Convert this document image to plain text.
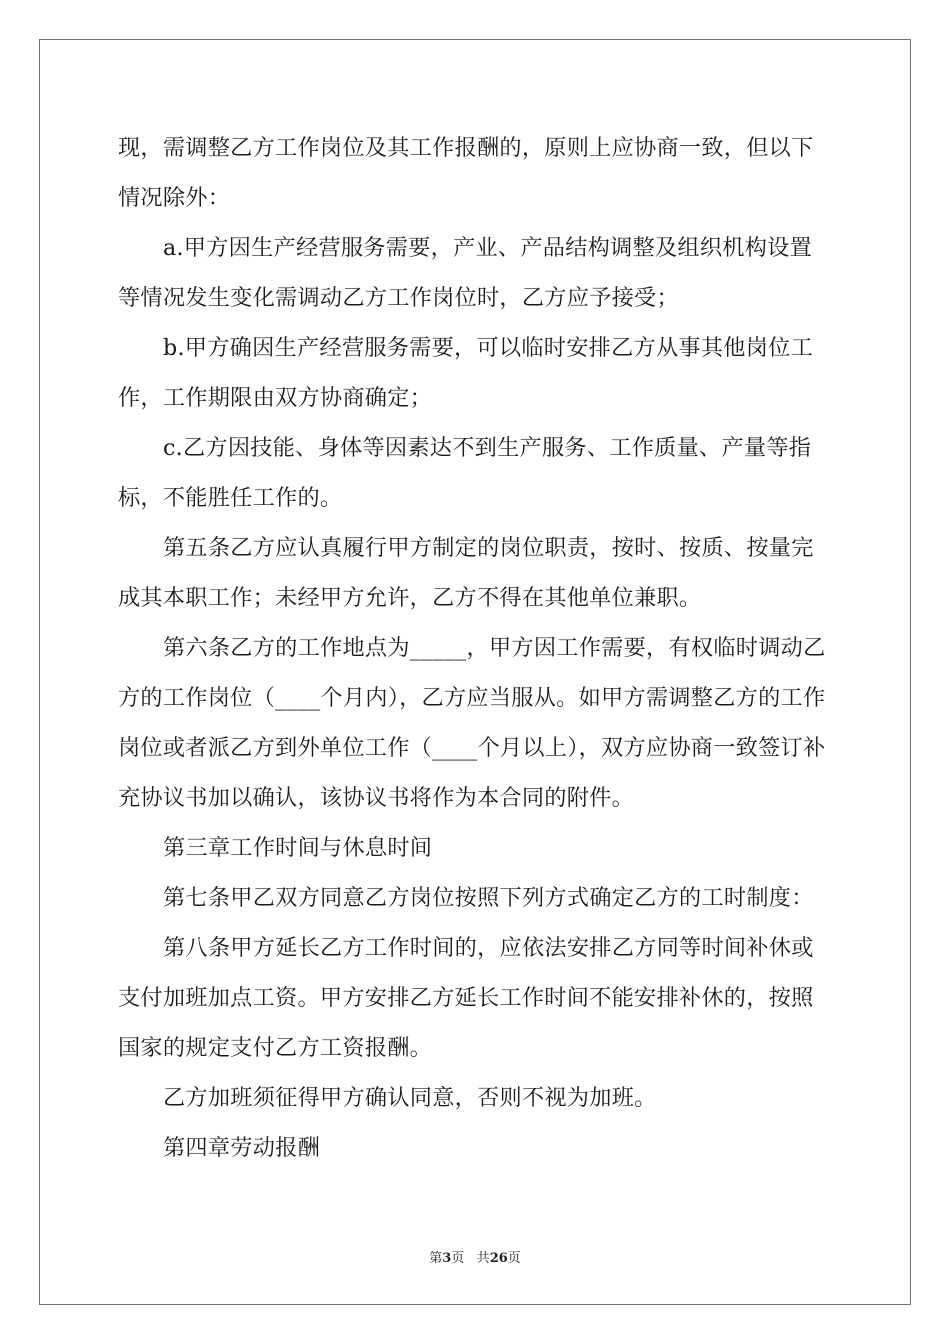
现，需调整乙方工作岗位及其工作报酬的，原则上应协商一致，但以下情况除外：

a.甲方因生产经营服务需要，产业、产品结构调整及组织机构设置等情况发生变化需调动乙方工作岗位时，乙方应予接受；

b.甲方确因生产经营服务需要，可以临时安排乙方从事其他岗位工作，工作期限由双方协商确定；

c.乙方因技能、身体等因素达不到生产服务、工作质量、产量等指标，不能胜任工作的。

第五条乙方应认真履行甲方制定的岗位职责，按时、按质、按量完成其本职工作；未经甲方允许，乙方不得在其他单位兼职。

第六条乙方的工作地点为_____，甲方因工作需要，有权临时调动乙方的工作岗位（____个月内），乙方应当服从。如甲方需调整乙方的工作岗位或者派乙方到外单位工作（____个月以上），双方应协商一致签订补充协议书加以确认，该协议书将作为本合同的附件。

第三章工作时间与休息时间

第七条甲乙双方同意乙方岗位按照下列方式确定乙方的工时制度：

第八条甲方延长乙方工作时间的，应依法安排乙方同等时间补休或支付加班加点工资。甲方安排乙方延长工作时间不能安排补休的，按照国家的规定支付乙方工资报酬。

乙方加班须征得甲方确认同意，否则不视为加班。

第四章劳动报酬

第3页 共26页
